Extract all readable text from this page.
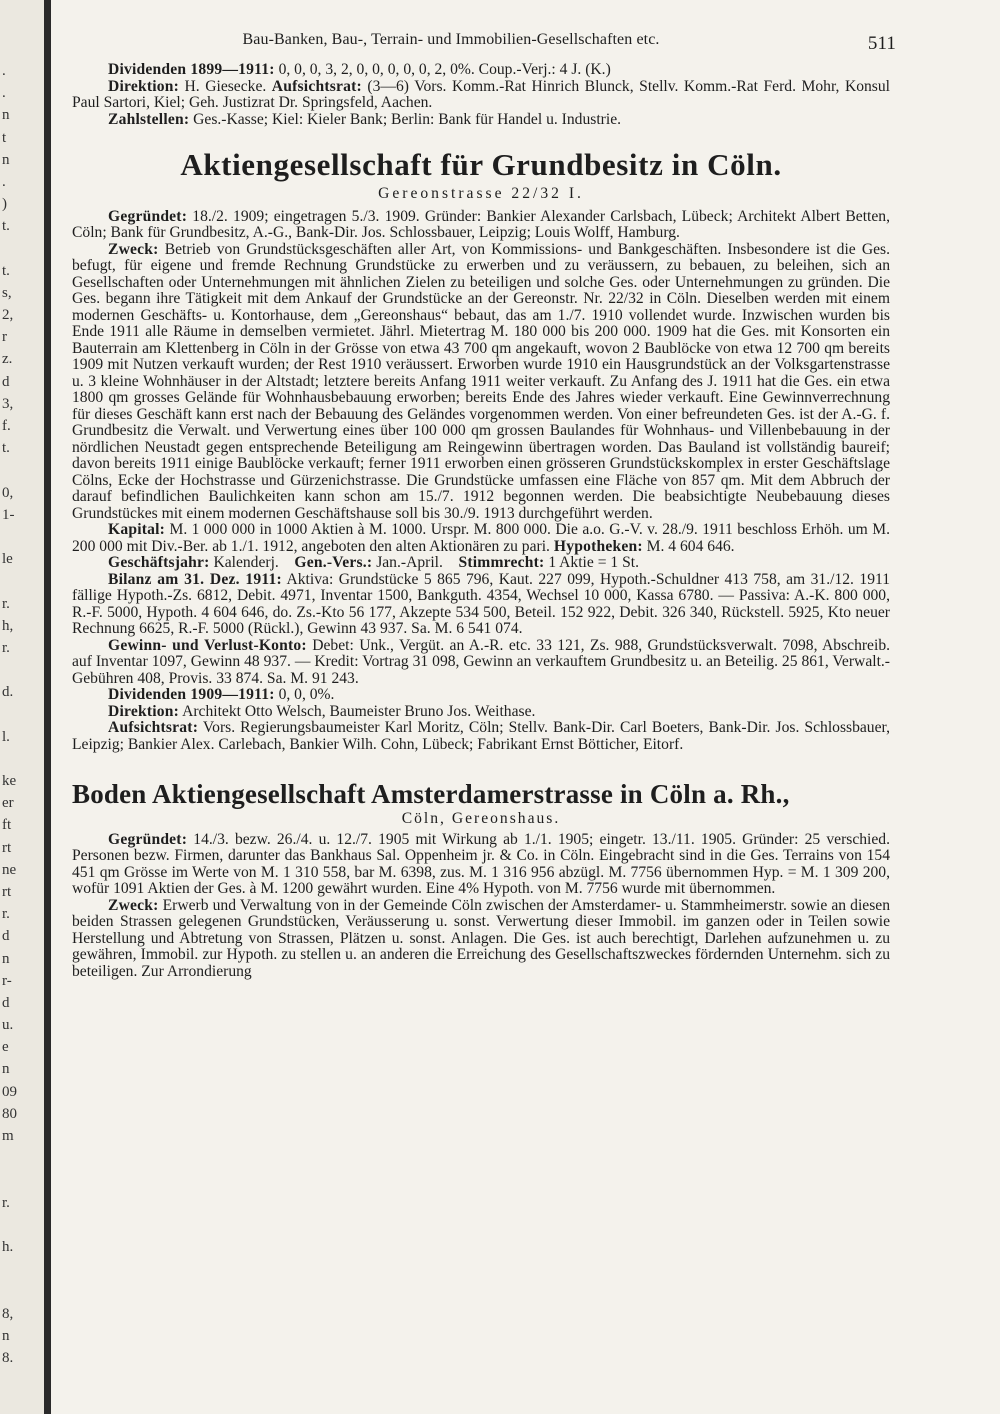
.
.
n
t
n
.
)
t.
t.
s,
2,
r
z.
d
3,
f.
t.
0,
1-
le
r.
h,
r.
d.
l.
ke
er
ft
rt
ne
rt
r.
d
n
r-
d
u.
e
n
09
80
m
r.
h.
8,
n
8.
Bau-Banken, Bau-, Terrain- und Immobilien-Gesellschaften etc.	511

Dividenden 1899—1911: 0, 0, 0, 3, 2, 0, 0, 0, 0, 0, 2, 0%. Coup.-Verj.: 4 J. (K.)

Direktion: H. Giesecke. Aufsichtsrat: (3—6) Vors. Komm.-Rat Hinrich Blunck, Stellv. Komm.-Rat Ferd. Mohr, Konsul Paul Sartori, Kiel; Geh. Justizrat Dr. Springsfeld, Aachen.

Zahlstellen: Ges.-Kasse; Kiel: Kieler Bank; Berlin: Bank für Handel u. Industrie.

Aktiengesellschaft für Grundbesitz in Cöln.
Gereonstrasse 22/32 I.

Gegründet: 18./2. 1909; eingetragen 5./3. 1909. Gründer: Bankier Alexander Carlsbach, Lübeck; Architekt Albert Betten, Cöln; Bank für Grundbesitz, A.-G., Bank-Dir. Jos. Schlossbauer, Leipzig; Louis Wolff, Hamburg.

Zweck: Betrieb von Grundstücksgeschäften aller Art, von Kommissions- und Bankgeschäften. Insbesondere ist die Ges. befugt, für eigene und fremde Rechnung Grundstücke zu erwerben und zu veräussern, zu bebauen, zu beleihen, sich an Gesellschaften oder Unternehmungen mit ähnlichen Zielen zu beteiligen und solche Ges. oder Unternehmungen zu gründen. Die Ges. begann ihre Tätigkeit mit dem Ankauf der Grundstücke an der Gereonstr. Nr. 22/32 in Cöln. Dieselben werden mit einem modernen Geschäfts- u. Kontorhause, dem „Gereonshaus“ bebaut, das am 1./7. 1910 vollendet wurde. Inzwischen wurden bis Ende 1911 alle Räume in demselben vermietet. Jährl. Mietertrag M. 180 000 bis 200 000. 1909 hat die Ges. mit Konsorten ein Bauterrain am Klettenberg in Cöln in der Grösse von etwa 43 700 qm angekauft, wovon 2 Baublöcke von etwa 12 700 qm bereits 1909 mit Nutzen verkauft wurden; der Rest 1910 veräussert. Erworben wurde 1910 ein Hausgrundstück an der Volksgartenstrasse u. 3 kleine Wohnhäuser in der Altstadt; letztere bereits Anfang 1911 weiter verkauft. Zu Anfang des J. 1911 hat die Ges. ein etwa 1800 qm grosses Gelände für Wohnhausbebauung erworben; bereits Ende des Jahres wieder verkauft. Eine Gewinnverrechnung für dieses Geschäft kann erst nach der Bebauung des Geländes vorgenommen werden. Von einer befreundeten Ges. ist der A.-G. f. Grundbesitz die Verwalt. und Verwertung eines über 100 000 qm grossen Baulandes für Wohnhaus- und Villenbebauung in der nördlichen Neustadt gegen entsprechende Beteiligung am Reingewinn übertragen worden. Das Bauland ist vollständig baureif; davon bereits 1911 einige Baublöcke verkauft; ferner 1911 erworben einen grösseren Grundstückskomplex in erster Geschäftslage Cölns, Ecke der Hochstrasse und Gürzenichstrasse. Die Grundstücke umfassen eine Fläche von 857 qm. Mit dem Abbruch der darauf befindlichen Baulichkeiten kann schon am 15./7. 1912 begonnen werden. Die beabsichtigte Neubebauung dieses Grundstückes mit einem modernen Geschäftshause soll bis 30./9. 1913 durchgeführt werden.

Kapital: M. 1 000 000 in 1000 Aktien à M. 1000. Urspr. M. 800 000. Die a.o. G.-V. v. 28./9. 1911 beschloss Erhöh. um M. 200 000 mit Div.-Ber. ab 1./1. 1912, angeboten den alten Aktionären zu pari. Hypotheken: M. 4 604 646.

Geschäftsjahr: Kalenderj. Gen.-Vers.: Jan.-April. Stimmrecht: 1 Aktie = 1 St.

Bilanz am 31. Dez. 1911: Aktiva: Grundstücke 5 865 796, Kaut. 227 099, Hypoth.-Schuldner 413 758, am 31./12. 1911 fällige Hypoth.-Zs. 6812, Debit. 4971, Inventar 1500, Bankguth. 4354, Wechsel 10 000, Kassa 6780. — Passiva: A.-K. 800 000, R.-F. 5000, Hypoth. 4 604 646, do. Zs.-Kto 56 177, Akzepte 534 500, Beteil. 152 922, Debit. 326 340, Rückstell. 5925, Kto neuer Rechnung 6625, R.-F. 5000 (Rückl.), Gewinn 43 937. Sa. M. 6 541 074.

Gewinn- und Verlust-Konto: Debet: Unk., Vergüt. an A.-R. etc. 33 121, Zs. 988, Grundstücksverwalt. 7098, Abschreib. auf Inventar 1097, Gewinn 48 937. — Kredit: Vortrag 31 098, Gewinn an verkauftem Grundbesitz u. an Beteilig. 25 861, Verwalt.-Gebühren 408, Provis. 33 874. Sa. M. 91 243.

Dividenden 1909—1911: 0, 0, 0%.

Direktion: Architekt Otto Welsch, Baumeister Bruno Jos. Weithase.

Aufsichtsrat: Vors. Regierungsbaumeister Karl Moritz, Cöln; Stellv. Bank-Dir. Carl Boeters, Bank-Dir. Jos. Schlossbauer, Leipzig; Bankier Alex. Carlebach, Bankier Wilh. Cohn, Lübeck; Fabrikant Ernst Bötticher, Eitorf.

Boden Aktiengesellschaft Amsterdamerstrasse in Cöln a. Rh.,
Cöln, Gereonshaus.

Gegründet: 14./3. bezw. 26./4. u. 12./7. 1905 mit Wirkung ab 1./1. 1905; eingetr. 13./11. 1905. Gründer: 25 verschied. Personen bezw. Firmen, darunter das Bankhaus Sal. Oppenheim jr. & Co. in Cöln. Eingebracht sind in die Ges. Terrains von 154 451 qm Grösse im Werte von M. 1 310 558, bar M. 6398, zus. M. 1 316 956 abzügl. M. 7756 übernommen Hyp. = M. 1 309 200, wofür 1091 Aktien der Ges. à M. 1200 gewährt wurden. Eine 4% Hypoth. von M. 7756 wurde mit übernommen.

Zweck: Erwerb und Verwaltung von in der Gemeinde Cöln zwischen der Amsterdamer- u. Stammheimerstr. sowie an diesen beiden Strassen gelegenen Grundstücken, Veräusserung u. sonst. Verwertung dieser Immobil. im ganzen oder in Teilen sowie Herstellung und Abtretung von Strassen, Plätzen u. sonst. Anlagen. Die Ges. ist auch berechtigt, Darlehen aufzunehmen u. zu gewähren, Immobil. zur Hypoth. zu stellen u. an anderen die Erreichung des Gesellschaftszweckes fördernden Unternehm. sich zu beteiligen. Zur Arrondierung
